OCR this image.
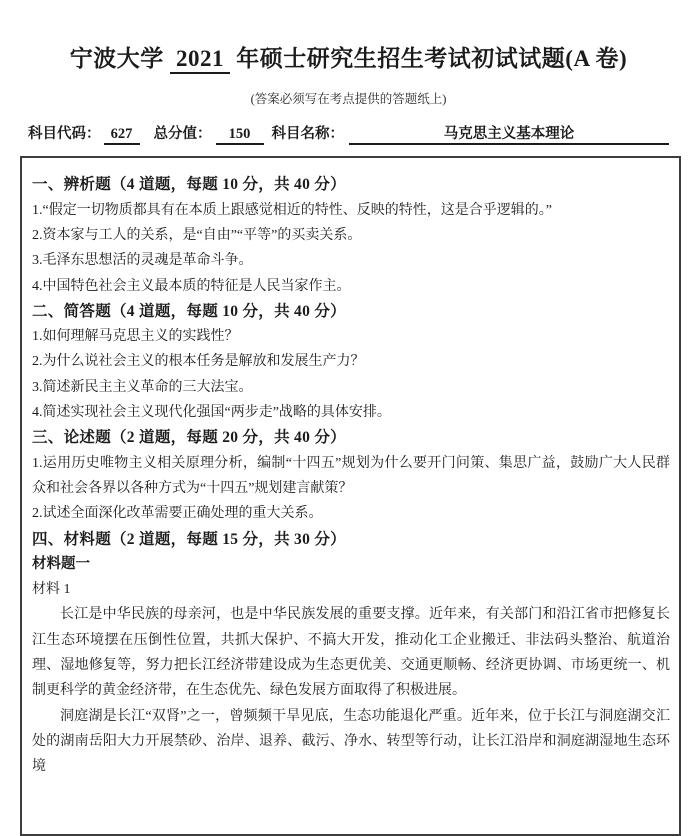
宁波大学 2021 年硕士研究生招生考试初试试题(A 卷)
(答案必须写在考点提供的答题纸上)
科目代码： 627	总分值：	150	科目名称：	马克思主义基本理论
一、辨析题（4 道题，每题 10 分，共 40 分）
1.“假定一切物质都具有在本质上跟感觉相近的特性、反映的特性，这是合乎逻辑的。”
2.资本家与工人的关系，是“自由”“平等”的买卖关系。
3.毛泽东思想活的灵魂是革命斗争。
4.中国特色社会主义最本质的特征是人民当家作主。
二、简答题（4 道题，每题 10 分，共 40 分）
1.如何理解马克思主义的实践性？
2.为什么说社会主义的根本任务是解放和发展生产力？
3.简述新民主主义革命的三大法宝。
4.简述实现社会主义现代化强国“两步走”战略的具体安排。
三、论述题（2 道题，每题 20 分，共 40 分）
1.运用历史唯物主义相关原理分析，编制“十四五”规划为什么要开门问策、集思广益，鼓励广大人民群众和社会各界以各种方式为“十四五”规划建言献策？
2.试述全面深化改革需要正确处理的重大关系。
四、材料题（2 道题，每题 15 分，共 30 分）
材料题一
材料 1

长江是中华民族的母亲河，也是中华民族发展的重要支撑。近年来，有关部门和沿江省市把修复长江生态环境摆在压倒性位置，共抓大保护、不搞大开发，推动化工企业搬迁、非法码头整治、航道治理、湿地修复等，努力把长江经济带建设成为生态更优美、交通更顺畅、经济更协调、市场更统一、机制更科学的黄金经济带，在生态优先、绿色发展方面取得了积极进展。

洞庭湖是长江“双肾”之一，曾频频干旱见底，生态功能退化严重。近年来，位于长江与洞庭湖交汇处的湖南岳阳大力开展禁砂、治岸、退养、截污、净水、转型等行动，让长江沿岸和洞庭湖湿地生态环境
